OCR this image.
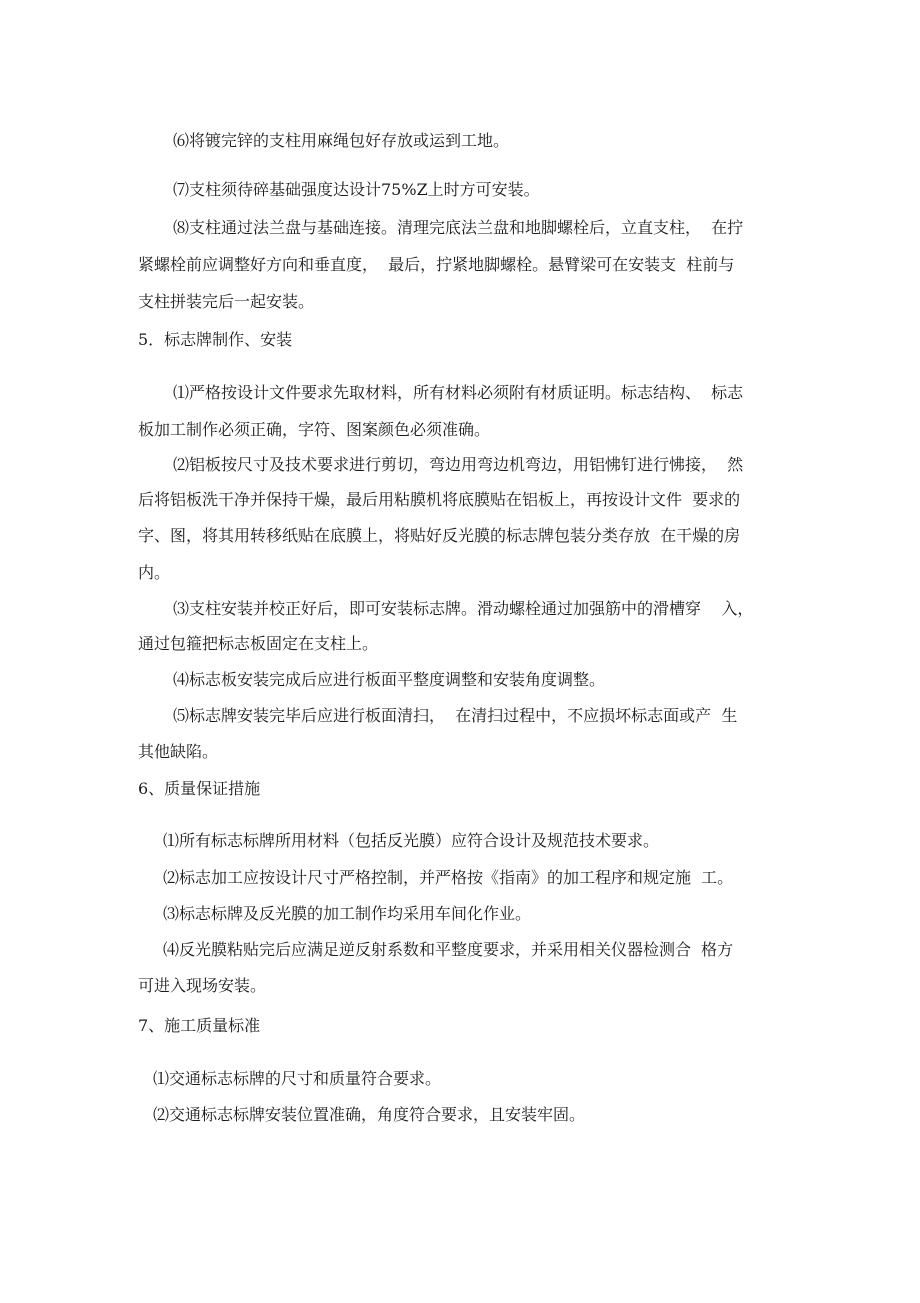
⑹将镀完锌的支柱用麻绳包好存放或运到工地。
⑺支柱须待碎基础强度达设计75%Z上时方可安装。
⑻支柱通过法兰盘与基础连接。清理完底法兰盘和地脚螺栓后，立直支柱，  在拧
紧螺栓前应调整好方向和垂直度，  最后，拧紧地脚螺栓。悬臂梁可在安装支  柱前与
支柱拼装完后一起安装。
5．标志牌制作、安装
⑴严格按设计文件要求先取材料，所有材料必须附有材质证明。标志结构、  标志
板加工制作必须正确，字符、图案颜色必须准确。
⑵铝板按尺寸及技术要求进行剪切，弯边用弯边机弯边，用铝怫钉进行怫接，  然
后将铝板洗干净并保持干燥，最后用粘膜机将底膜贴在铝板上，再按设计文件  要求的
字、图，将其用转移纸贴在底膜上，将贴好反光膜的标志牌包装分类存放  在干燥的房
内。
⑶支柱安装并校正好后，即可安装标志牌。滑动螺栓通过加强筋中的滑槽穿    入，
通过包箍把标志板固定在支柱上。
⑷标志板安装完成后应进行板面平整度调整和安装角度调整。
⑸标志牌安装完毕后应进行板面清扫，  在清扫过程中，不应损坏标志面或产  生
其他缺陷。
6、质量保证措施
⑴所有标志标牌所用材料（包括反光膜）应符合设计及规范技术要求。
⑵标志加工应按设计尺寸严格控制，并严格按《指南》的加工程序和规定施  工。
⑶标志标牌及反光膜的加工制作均采用车间化作业。
⑷反光膜粘贴完后应满足逆反射系数和平整度要求，并采用相关仪器检测合  格方
可进入现场安装。
7、施工质量标准
⑴交通标志标牌的尺寸和质量符合要求。
⑵交通标志标牌安装位置准确，角度符合要求，且安装牢固。
